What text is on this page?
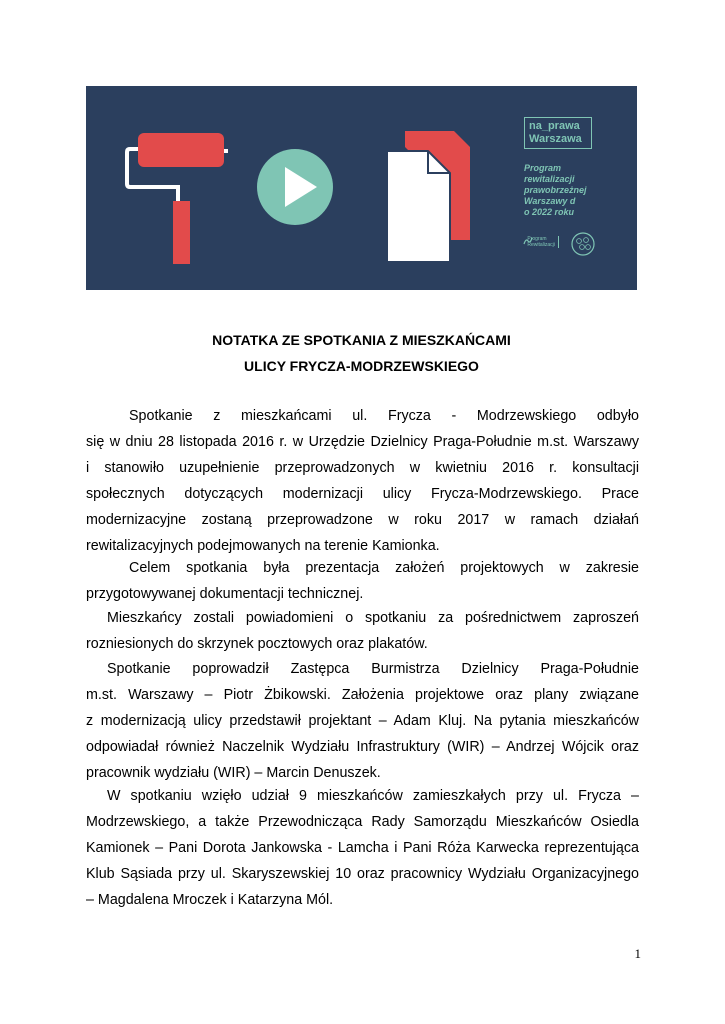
na_prawa
Warszawa
Program
rewitalizacji
prawobrzeżnej
Warszawy d
o 2022 roku

Program
Rewitalizacji
NOTATKA ZE SPOTKANIA Z MIESZKAŃCAMI
ULICY FRYCZA-MODRZEWSKIEGO
Spotkanie z mieszkańcami ul. Frycza - Modrzewskiego odbyło
się w dniu 28 listopada 2016 r. w Urzędzie Dzielnicy Praga-Południe m.st. Warszawy
i stanowiło uzupełnienie przeprowadzonych w kwietniu 2016 r. konsultacji
społecznych dotyczących modernizacji ulicy Frycza-Modrzewskiego. Prace
modernizacyjne zostaną przeprowadzone w roku 2017 w ramach działań
rewitalizacyjnych podejmowanych na terenie Kamionka.
Celem spotkania była prezentacja założeń projektowych w zakresie
przygotowywanej dokumentacji technicznej.
Mieszkańcy zostali powiadomieni o spotkaniu za pośrednictwem zaproszeń
rozniesionych do skrzynek pocztowych oraz plakatów.
Spotkanie poprowadził Zastępca Burmistrza Dzielnicy Praga-Południe
m.st. Warszawy – Piotr Żbikowski. Założenia projektowe oraz plany związane
z modernizacją ulicy przedstawił projektant – Adam Kluj. Na pytania mieszkańców
odpowiadał również Naczelnik Wydziału Infrastruktury (WIR) – Andrzej Wójcik oraz
pracownik wydziału (WIR) – Marcin Denuszek.
W spotkaniu wzięło udział 9 mieszkańców zamieszkałych przy ul. Frycza –
Modrzewskiego, a także Przewodnicząca Rady Samorządu Mieszkańców Osiedla
Kamionek – Pani Dorota Jankowska - Lamcha i Pani Róża Karwecka reprezentująca
Klub Sąsiada przy ul. Skaryszewskiej 10 oraz pracownicy Wydziału Organizacyjnego
– Magdalena Mroczek i Katarzyna Mól.
1
